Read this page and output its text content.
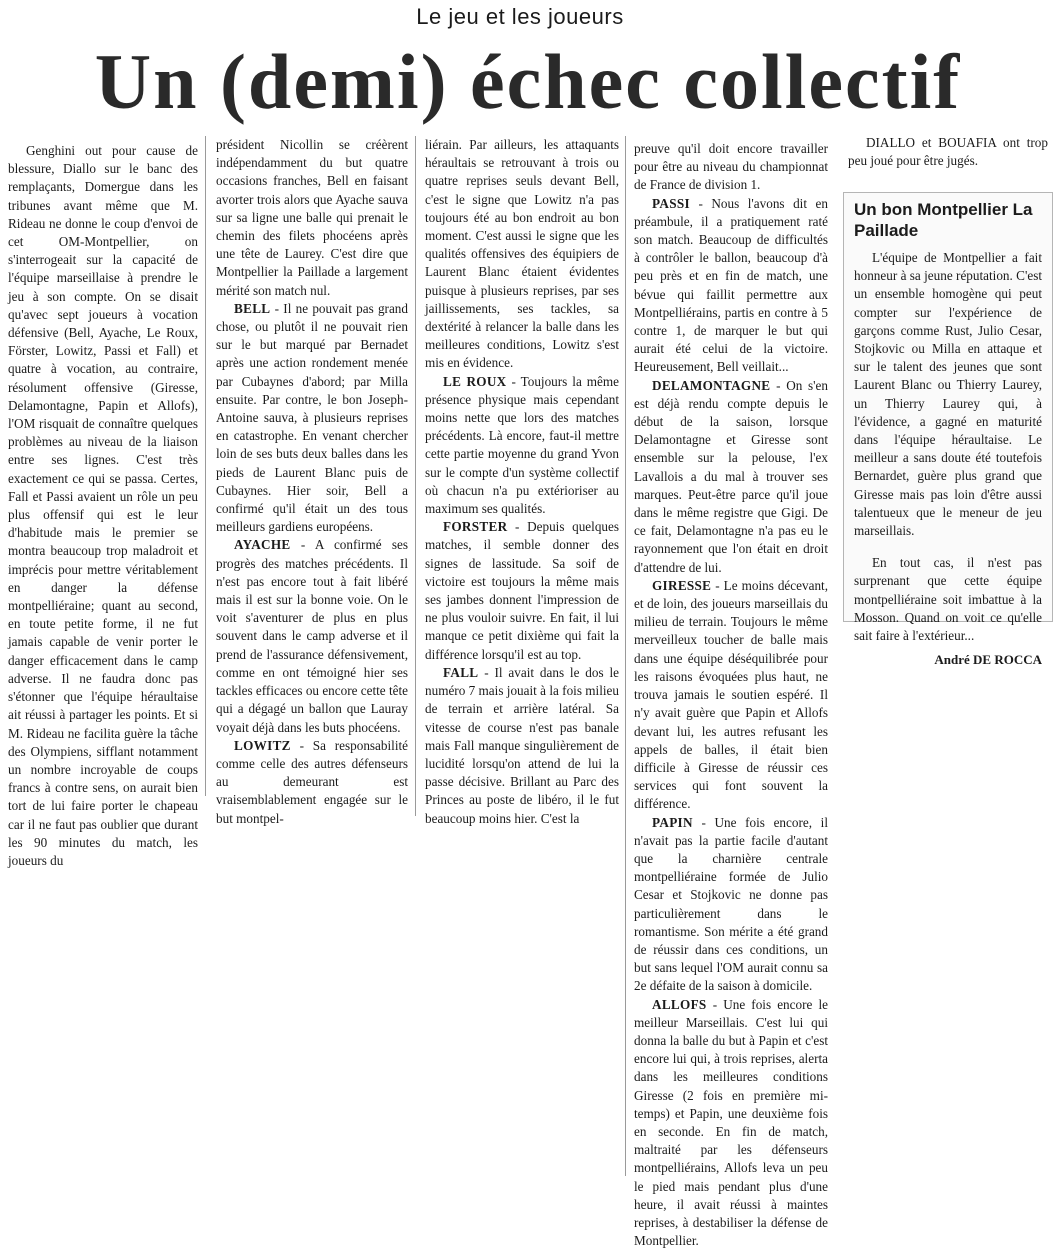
Le jeu et les joueurs
Un (demi) échec collectif

Genghini out pour cause de blessure, Diallo sur le banc des remplaçants, Domergue dans les tribunes avant même que M. Rideau ne donne le coup d'envoi de cet OM-Montpellier, on s'interrogeait sur la capacité de l'équipe marseillaise à prendre le jeu à son compte. On se disait qu'avec sept joueurs à vocation défensive (Bell, Ayache, Le Roux, Förster, Lowitz, Passi et Fall) et quatre à vocation, au contraire, résolument offensive (Giresse, Delamontagne, Papin et Allofs), l'OM risquait de connaître quelques problèmes au niveau de la liaison entre ses lignes. C'est très exactement ce qui se passa. Certes, Fall et Passi avaient un rôle un peu plus offensif qui est le leur d'habitude mais le premier se montra beaucoup trop maladroit et imprécis pour mettre véritablement en danger la défense montpelliéraine; quant au second, en toute petite forme, il ne fut jamais capable de venir porter le danger efficacement dans le camp adverse. Il ne faudra donc pas s'étonner que l'équipe héraultaise ait réussi à partager les points. Et si M. Rideau ne facilita guère la tâche des Olympiens, sifflant notamment un nombre incroyable de coups francs à contre sens, on aurait bien tort de lui faire porter le chapeau car il ne faut pas oublier que durant les 90 minutes du match, les joueurs du

président Nicollin se créèrent indépendamment du but quatre occasions franches, Bell en faisant avorter trois alors que Ayache sauva sur sa ligne une balle qui prenait le chemin des filets phocéens après une tête de Laurey. C'est dire que Montpellier la Paillade a largement mérité son match nul.

BELL - Il ne pouvait pas grand chose, ou plutôt il ne pouvait rien sur le but marqué par Bernadet après une action rondement menée par Cubaynes d'abord; par Milla ensuite. Par contre, le bon Joseph-Antoine sauva, à plusieurs reprises en catastrophe. En venant chercher loin de ses buts deux balles dans les pieds de Laurent Blanc puis de Cubaynes. Hier soir, Bell a confirmé qu'il était un des tous meilleurs gardiens européens.

AYACHE - A confirmé ses progrès des matches précédents. Il n'est pas encore tout à fait libéré mais il est sur la bonne voie. On le voit s'aventurer de plus en plus souvent dans le camp adverse et il prend de l'assurance défensivement, comme en ont témoigné hier ses tackles efficaces ou encore cette tête qui a dégagé un ballon que Lauray voyait déjà dans les buts phocéens.

LOWITZ - Sa responsabilité comme celle des autres défenseurs au demeurant est vraisemblablement engagée sur le but montpel-

liérain. Par ailleurs, les attaquants héraultais se retrouvant à trois ou quatre reprises seuls devant Bell, c'est le signe que Lowitz n'a pas toujours été au bon endroit au bon moment. C'est aussi le signe que les qualités offensives des équipiers de Laurent Blanc étaient évidentes puisque à plusieurs reprises, par ses jaillissements, ses tackles, sa dextérité à relancer la balle dans les meilleures conditions, Lowitz s'est mis en évidence.

LE ROUX - Toujours la même présence physique mais cependant moins nette que lors des matches précédents. Là encore, faut-il mettre cette partie moyenne du grand Yvon sur le compte d'un système collectif où chacun n'a pu extérioriser au maximum ses qualités.

FORSTER - Depuis quelques matches, il semble donner des signes de lassitude. Sa soif de victoire est toujours la même mais ses jambes donnent l'impression de ne plus vouloir suivre. En fait, il lui manque ce petit dixième qui fait la différence lorsqu'il est au top.

FALL - Il avait dans le dos le numéro 7 mais jouait à la fois milieu de terrain et arrière latéral. Sa vitesse de course n'est pas banale mais Fall manque singulièrement de lucidité lorsqu'on attend de lui la passe décisive. Brillant au Parc des Princes au poste de libéro, il le fut beaucoup moins hier. C'est la

preuve qu'il doit encore travailler pour être au niveau du championnat de France de division 1.

PASSI - Nous l'avons dit en préambule, il a pratiquement raté son match. Beaucoup de difficultés à contrôler le ballon, beaucoup d'à peu près et en fin de match, une bévue qui faillit permettre aux Montpelliérains, partis en contre à 5 contre 1, de marquer le but qui aurait été celui de la victoire. Heureusement, Bell veillait...

DELAMONTAGNE - On s'en est déjà rendu compte depuis le début de la saison, lorsque Delamontagne et Giresse sont ensemble sur la pelouse, l'ex Lavallois a du mal à trouver ses marques. Peut-être parce qu'il joue dans le même registre que Gigi. De ce fait, Delamontagne n'a pas eu le rayonnement que l'on était en droit d'attendre de lui.

GIRESSE - Le moins décevant, et de loin, des joueurs marseillais du milieu de terrain. Toujours le même merveilleux toucher de balle mais dans une équipe déséquilibrée pour les raisons évoquées plus haut, ne trouva jamais le soutien espéré. Il n'y avait guère que Papin et Allofs devant lui, les autres refusant les appels de balles, il était bien difficile à Giresse de réussir ces services qui font souvent la différence.

PAPIN - Une fois encore, il n'avait pas la partie facile d'autant que la charnière centrale montpelliéraine formée de Julio Cesar et Stojkovic ne donne pas particulièrement dans le romantisme. Son mérite a été grand de réussir dans ces conditions, un but sans lequel l'OM aurait connu sa 2e défaite de la saison à domicile.

ALLOFS - Une fois encore le meilleur Marseillais. C'est lui qui donna la balle du but à Papin et c'est encore lui qui, à trois reprises, alerta dans les meilleures conditions Giresse (2 fois en première mi-temps) et Papin, une deuxième fois en seconde. En fin de match, maltraité par les défenseurs montpelliérains, Allofs leva un peu le pied mais pendant plus d'une heure, il avait réussi à maintes reprises, à destabiliser la défense de Montpellier.

DIALLO et BOUAFIA ont trop peu joué pour être jugés.

Un bon Montpellier La Paillade

L'équipe de Montpellier a fait honneur à sa jeune réputation. C'est un ensemble homogène qui peut compter sur l'expérience de garçons comme Rust, Julio Cesar, Stojkovic ou Milla en attaque et sur le talent des jeunes que sont Laurent Blanc ou Thierry Laurey, un Thierry Laurey qui, à l'évidence, a gagné en maturité dans l'équipe héraultaise. Le meilleur a sans doute été toutefois Bernardet, guère plus grand que Giresse mais pas loin d'être aussi talentueux que le meneur de jeu marseillais.

En tout cas, il n'est pas surprenant que cette équipe montpelliéraine soit imbattue à la Mosson. Quand on voit ce qu'elle sait faire à l'extérieur...

André DE ROCCA
